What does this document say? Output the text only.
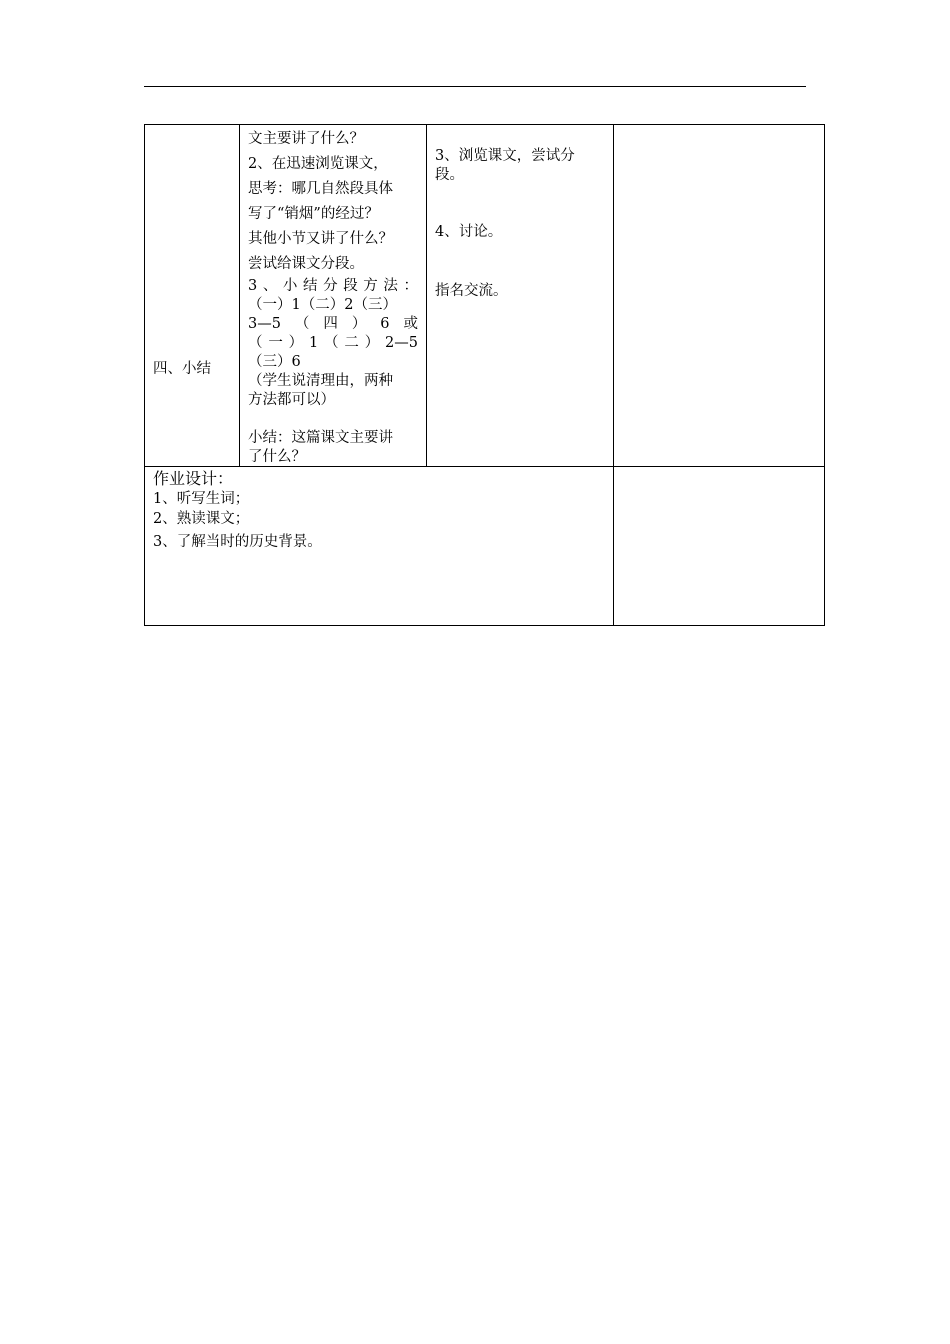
四、小结
文主要讲了什么？
2、在迅速浏览课文，
思考：哪几自然段具体
写了“销烟”的经过？
其他小节又讲了什么？
尝试给课文分段。
3 、 小 结 分 段 方 法 ：
（一）1（二）2（三）
3—5 （ 四 ） 6 或
（ 一 ） 1 （ 二 ） 2—5
（三）6
（学生说清理由，两种
方法都可以）
小结：这篇课文主要讲
了什么？
3、浏览课文，尝试分
段。
4、讨论。
指名交流。
作业设计：
1、听写生词；
2、熟读课文；
3、了解当时的历史背景。
